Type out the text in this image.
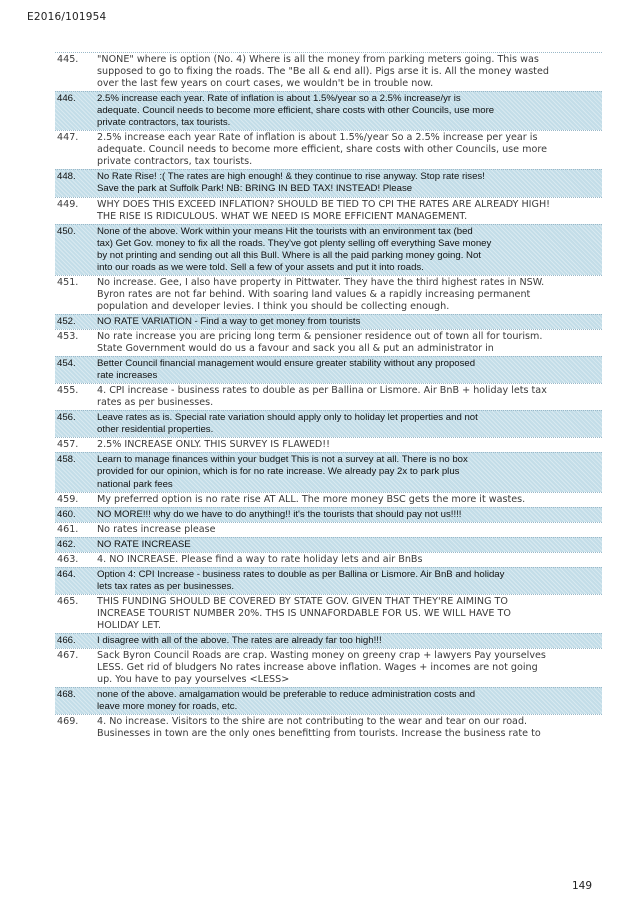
E2016/101954
445.	"NONE" where is option (No. 4) Where is all the money from parking meters going. This was
supposed to go to fixing the roads. The "Be all & end all). Pigs arse it is. All the money wasted
over the last few years on court cases, we wouldn't be in trouble now.
446.	2.5% increase each year. Rate of inflation is about 1.5%/year so a 2.5% increase/yr is
adequate. Council needs to become more efficient, share costs with other Councils, use more
private contractors, tax tourists.
447.	2.5% increase each year Rate of inflation is about 1.5%/year So a 2.5% increase per year is
adequate. Council needs to become more efficient, share costs with other Councils, use more
private contractors, tax tourists.
448.	No Rate Rise! :( The rates are high enough! & they continue to rise anyway. Stop rate rises!
Save the park at Suffolk Park! NB: BRING IN BED TAX! INSTEAD! Please
449.	WHY DOES THIS EXCEED INFLATION? SHOULD BE TIED TO CPI THE RATES ARE ALREADY HIGH!
THE RISE IS RIDICULOUS. WHAT WE NEED IS MORE EFFICIENT MANAGEMENT.
450.	None of the above. Work within your means Hit the tourists with an environment tax (bed
tax) Get Gov. money to fix all the roads. They've got plenty selling off everything Save money
by not printing and sending out all this Bull. Where is all the paid parking money going. Not
into our roads as we were told. Sell a few of your assets and put it into roads.
451.	No increase. Gee, I also have property in Pittwater. They have the third highest rates in NSW.
Byron rates are not far behind. With soaring land values & a rapidly increasing permanent
population and developer levies. I think you should be collecting enough.
452.	NO RATE VARIATION - Find a way to get money from tourists
453.	No rate increase you are pricing long term & pensioner residence out of town all for tourism.
State Government would do us a favour and sack you all & put an administrator in
454.	Better Council financial management would ensure greater stability without any proposed
rate increases
455.	4. CPI increase - business rates to double as per Ballina or Lismore. Air BnB + holiday lets tax
rates as per businesses.
456.	Leave rates as is. Special rate variation should apply only to holiday let properties and not
other residential properties.
457.	2.5% INCREASE ONLY. THIS SURVEY IS FLAWED!!
458.	Learn to manage finances within your budget This is not a survey at all. There is no box
provided for our opinion, which is for no rate increase. We already pay 2x to park plus
national park fees
459.	My preferred option is no rate rise AT ALL. The more money BSC gets the more it wastes.
460.	NO MORE!!! why do we have to do anything!! it's the tourists that should pay not us!!!!
461.	No rates increase please
462.	NO RATE INCREASE
463.	4. NO INCREASE. Please find a way to rate holiday lets and air BnBs
464.	Option 4: CPI Increase - business rates to double as per Ballina or Lismore. Air BnB and holiday
lets tax rates as per businesses.
465.	THIS FUNDING SHOULD BE COVERED BY STATE GOV. GIVEN THAT THEY'RE AIMING TO
INCREASE TOURIST NUMBER 20%. THS IS UNNAFORDABLE FOR US. WE WILL HAVE TO
HOLIDAY LET.
466.	I disagree with all of the above. The rates are already far too high!!!
467.	Sack Byron Council Roads are crap. Wasting money on greeny crap + lawyers Pay yourselves
LESS. Get rid of bludgers No rates increase above inflation. Wages + incomes are not going
up. You have to pay yourselves <LESS>
468.	none of the above. amalgamation would be preferable to reduce administration costs and
leave more money for roads, etc.
469.	4. No increase. Visitors to the shire are not contributing to the wear and tear on our road.
Businesses in town are the only ones benefitting from tourists. Increase the business rate to
149
